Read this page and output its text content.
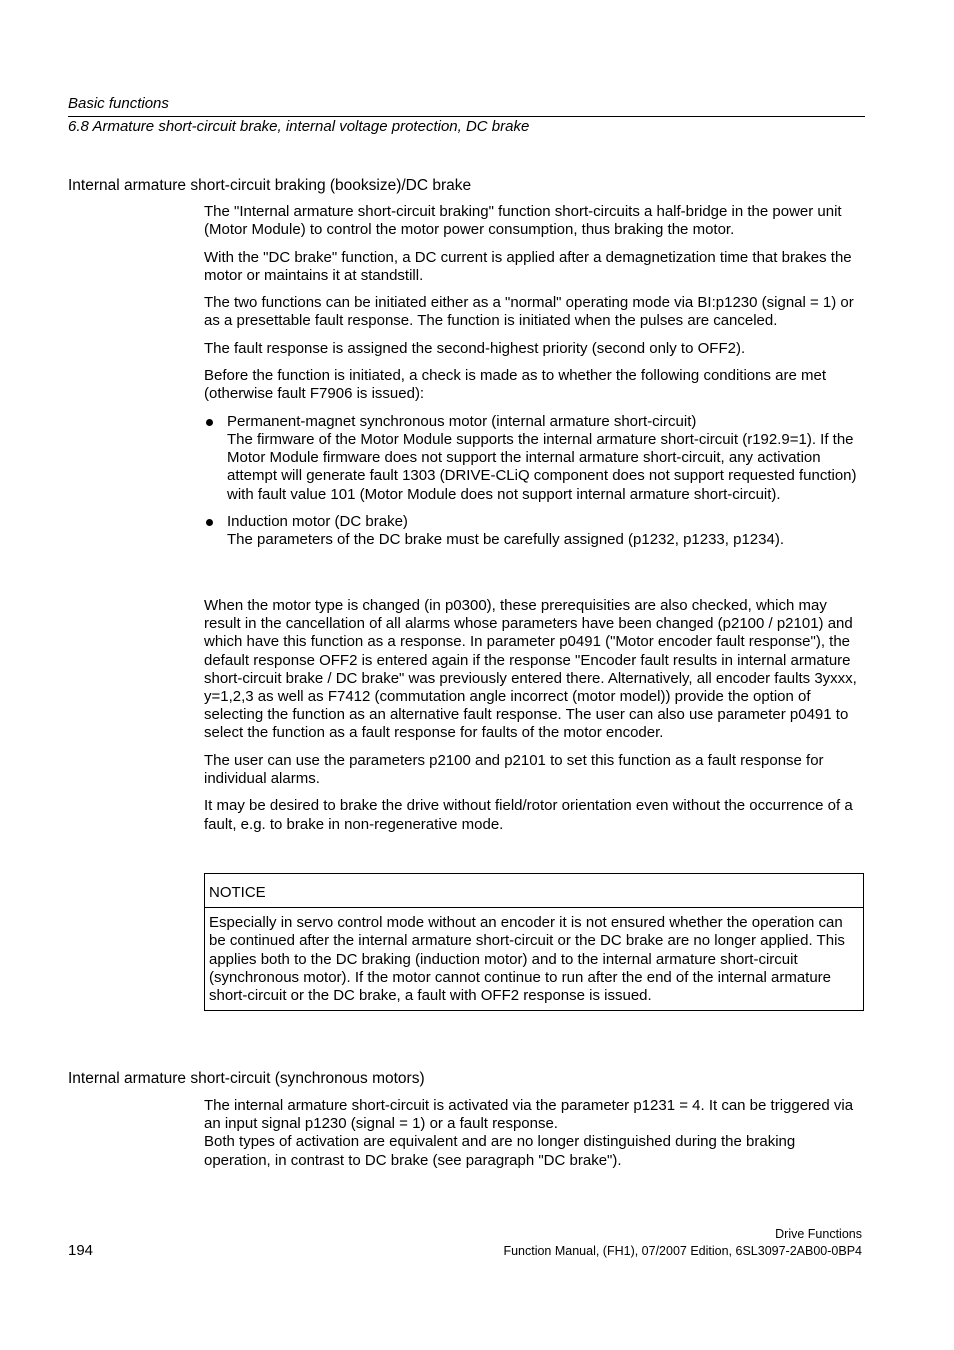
Basic functions
6.8 Armature short-circuit brake, internal voltage protection, DC brake
Internal armature short-circuit braking (booksize)/DC brake

The "Internal armature short-circuit braking" function short-circuits a half-bridge in the power unit (Motor Module) to control the motor power consumption, thus braking the motor.

With the "DC brake" function, a DC current is applied after a demagnetization time that brakes the motor or maintains it at standstill.

The two functions can be initiated either as a "normal" operating mode via BI:p1230 (signal = 1) or as a presettable fault response. The function is initiated when the pulses are canceled.

The fault response is assigned the second-highest priority (second only to OFF2).

Before the function is initiated, a check is made as to whether the following conditions are met (otherwise fault F7906 is issued):

Permanent-magnet synchronous motor (internal armature short-circuit)
The firmware of the Motor Module supports the internal armature short-circuit (r192.9=1). If the Motor Module firmware does not support the internal armature short-circuit, any activation attempt will generate fault 1303 (DRIVE-CLiQ component does not support requested function) with fault value 101 (Motor Module does not support internal armature short-circuit).
Induction motor (DC brake)
The parameters of the DC brake must be carefully assigned (p1232, p1233, p1234).

When the motor type is changed (in p0300), these prerequisities are also checked, which may result in the cancellation of all alarms whose parameters have been changed (p2100 / p2101) and which have this function as a response. In parameter p0491 ("Motor encoder fault response"), the default response OFF2 is entered again if the response "Encoder fault results in internal armature short-circuit brake / DC brake" was previously entered there. Alternatively, all encoder faults 3yxxx, y=1,2,3 as well as F7412 (commutation angle incorrect (motor model)) provide the option of selecting the function as an alternative fault response. The user can also use parameter p0491 to select the function as a fault response for faults of the motor encoder.

The user can use the parameters p2100 and p2101 to set this function as a fault response for individual alarms.

It may be desired to brake the drive without field/rotor orientation even without the occurrence of a fault, e.g. to brake in non-regenerative mode.

NOTICE
Especially in servo control mode without an encoder it is not ensured whether the operation can be continued after the internal armature short-circuit or the DC brake are no longer applied. This applies both to the DC braking (induction motor) and to the internal armature short-circuit (synchronous motor). If the motor cannot continue to run after the end of the internal armature short-circuit or the DC brake, a fault with OFF2 response is issued.
Internal armature short-circuit (synchronous motors)
The internal armature short-circuit is activated via the parameter p1231 = 4. It can be triggered via an input signal p1230 (signal = 1) or a fault response.
Both types of activation are equivalent and are no longer distinguished during the braking operation, in contrast to DC brake (see paragraph "DC brake").
194
Drive Functions
Function Manual, (FH1), 07/2007 Edition, 6SL3097-2AB00-0BP4
